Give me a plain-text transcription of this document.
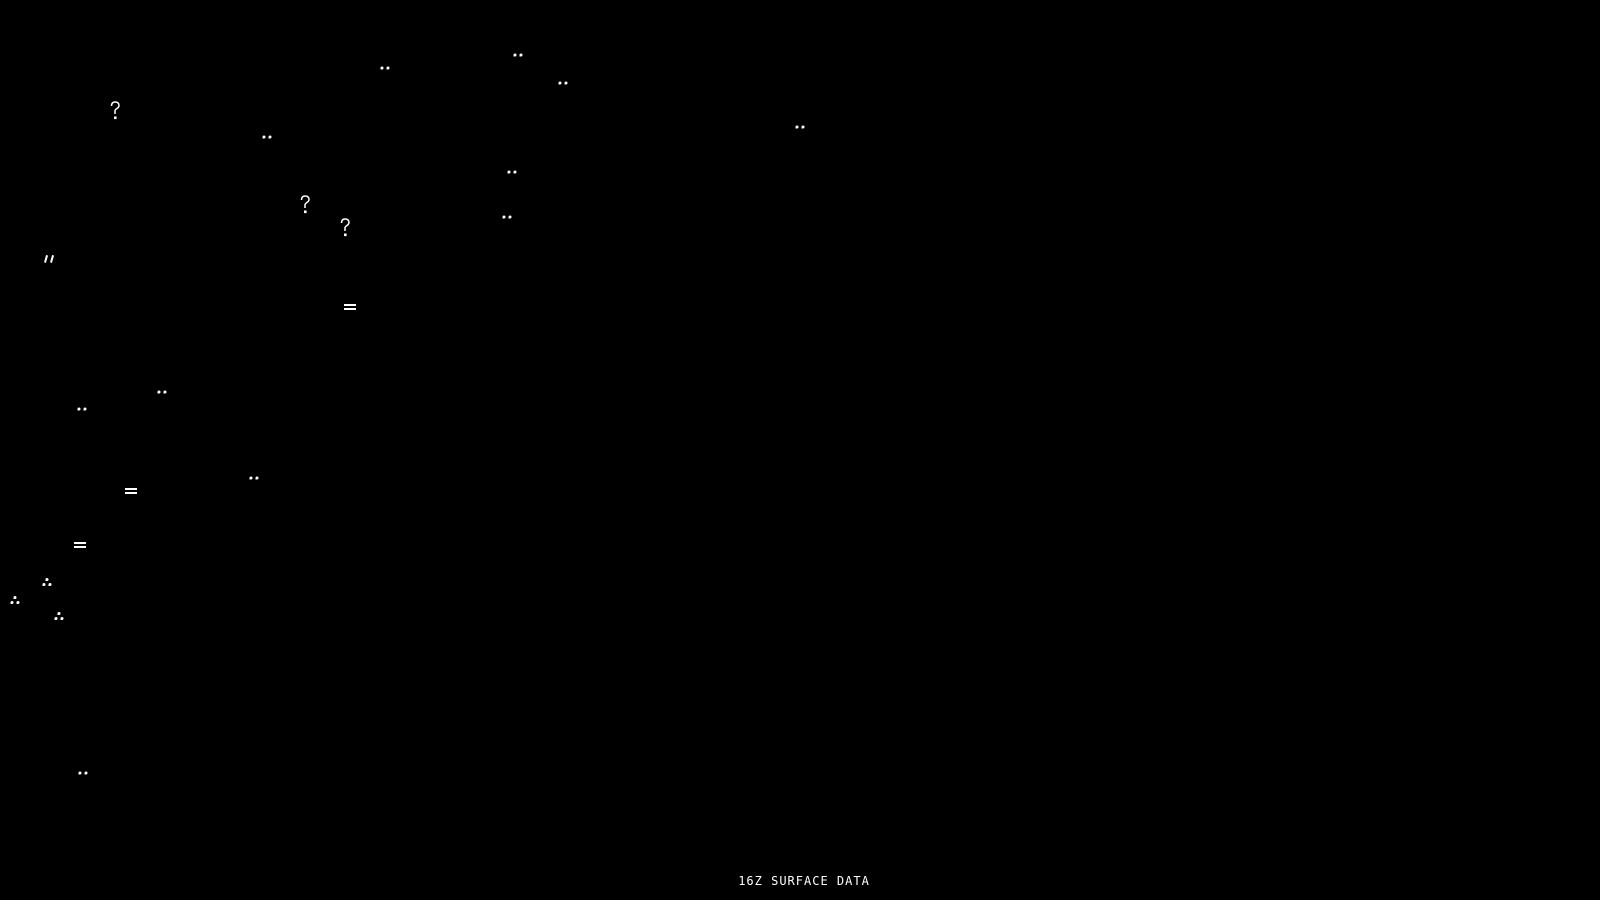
16Z SURFACE DATA
